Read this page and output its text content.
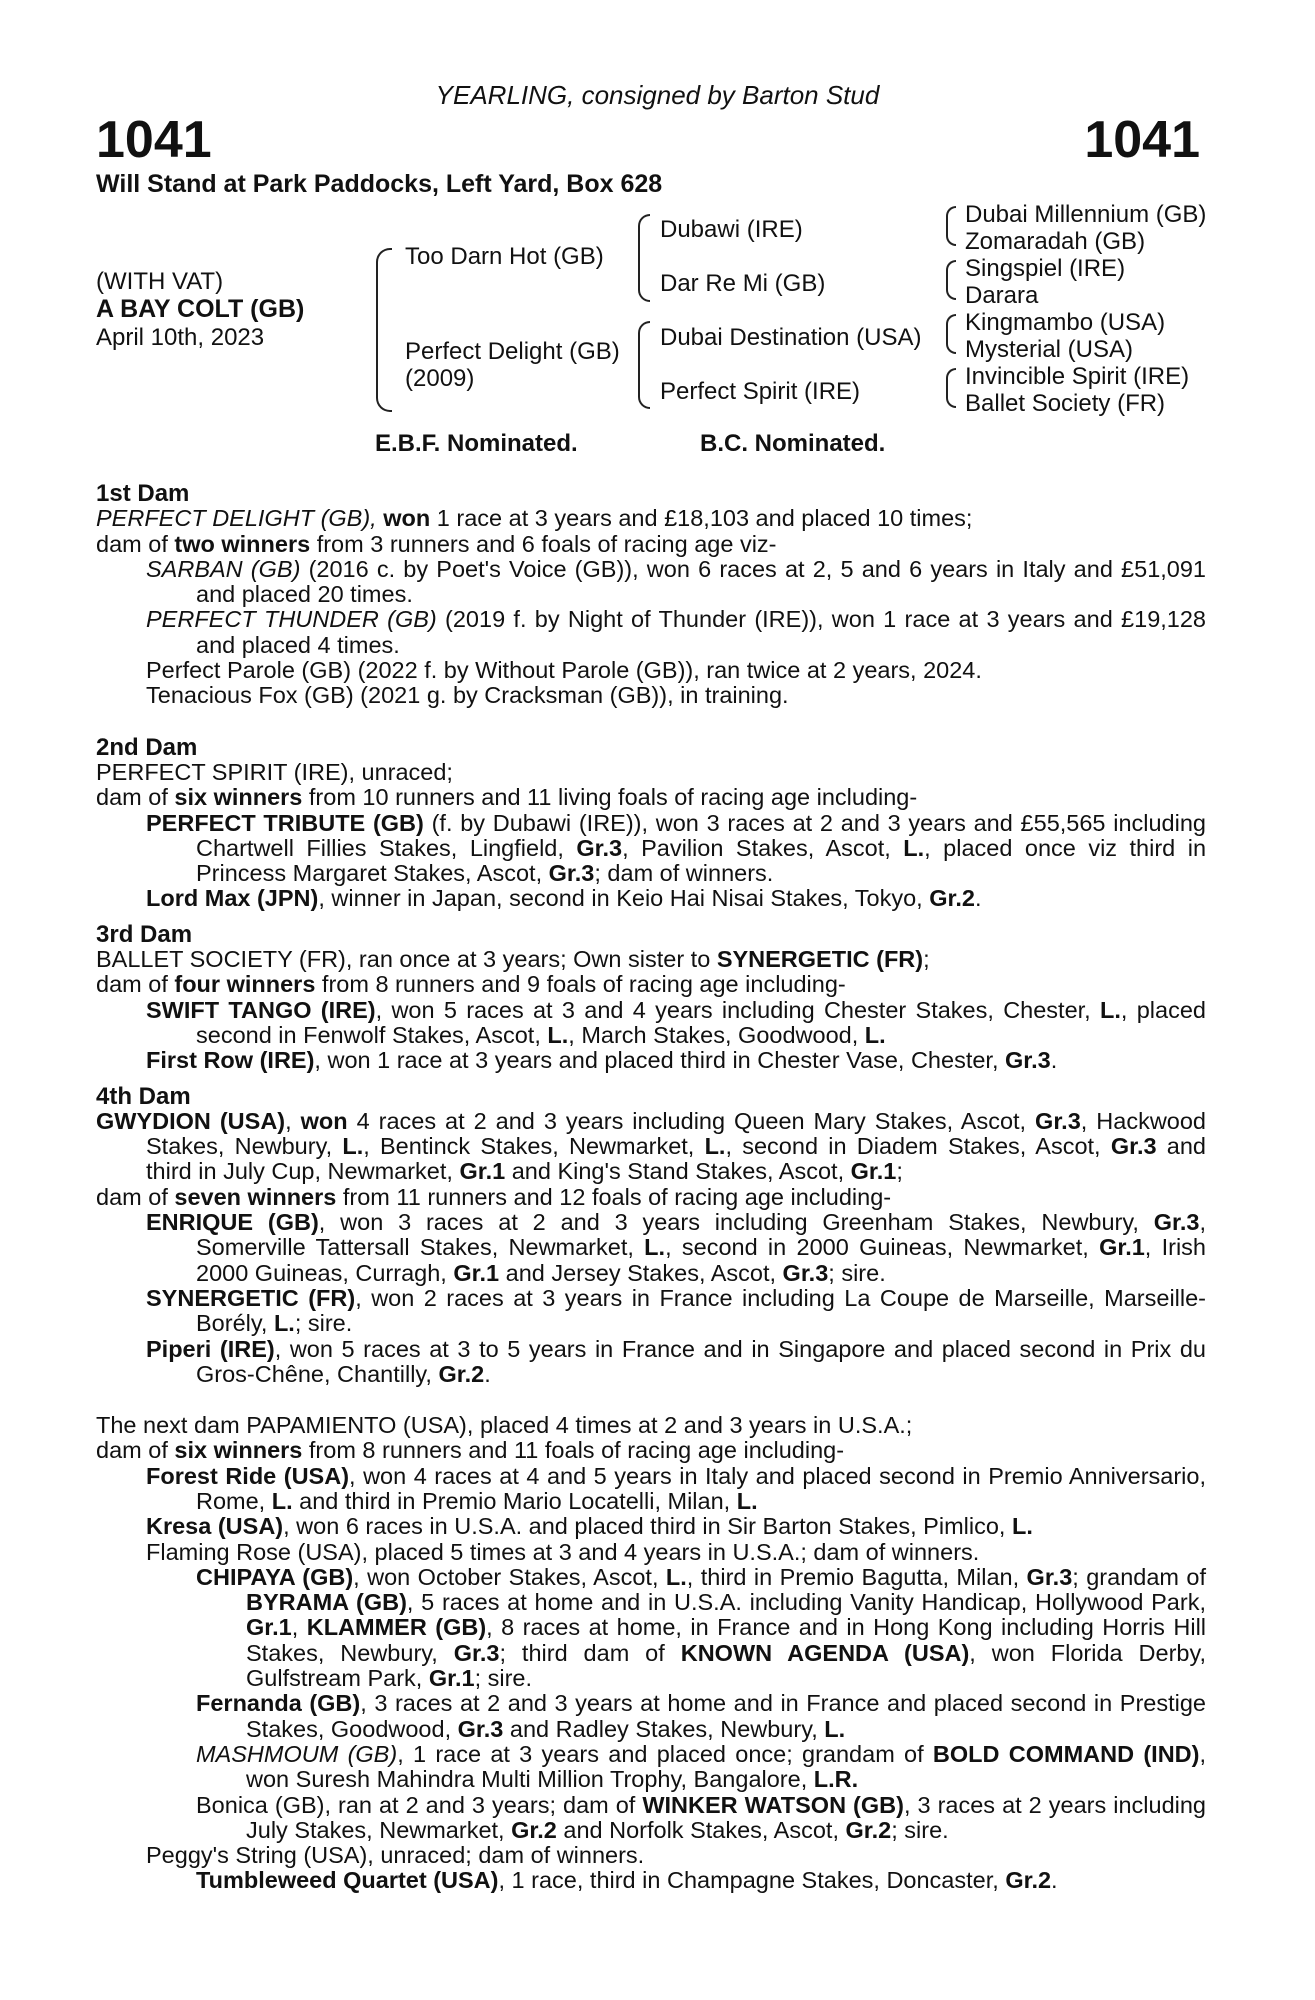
YEARLING, consigned by Barton Stud
1041	1041
Will Stand at Park Paddocks, Left Yard, Box 628
(WITH VAT)
A BAY COLT (GB)
April 10th, 2023
Too Darn Hot (GB)
Perfect Delight (GB)
(2009)
Dubawi (IRE)
Dar Re Mi (GB)
Dubai Destination (USA)
Perfect Spirit (IRE)
Dubai Millennium (GB)
Zomaradah (GB)
Singspiel (IRE)
Darara
Kingmambo (USA)
Mysterial (USA)
Invincible Spirit (IRE)
Ballet Society (FR)
E.B.F. Nominated.	B.C. Nominated.

1st Dam

PERFECT DELIGHT (GB), won 1 race at 3 years and £18,103 and placed 10 times;

dam of two winners from 3 runners and 6 foals of racing age viz-

SARBAN (GB) (2016 c. by Poet's Voice (GB)), won 6 races at 2, 5 and 6 years in Italy and £51,091 and placed 20 times.

PERFECT THUNDER (GB) (2019 f. by Night of Thunder (IRE)), won 1 race at 3 years and £19,128 and placed 4 times.

Perfect Parole (GB) (2022 f. by Without Parole (GB)), ran twice at 2 years, 2024.

Tenacious Fox (GB) (2021 g. by Cracksman (GB)), in training.

2nd Dam

PERFECT SPIRIT (IRE), unraced;

dam of six winners from 10 runners and 11 living foals of racing age including-

PERFECT TRIBUTE (GB) (f. by Dubawi (IRE)), won 3 races at 2 and 3 years and £55,565 including Chartwell Fillies Stakes, Lingfield, Gr.3, Pavilion Stakes, Ascot, L., placed once viz third in Princess Margaret Stakes, Ascot, Gr.3; dam of winners.

Lord Max (JPN), winner in Japan, second in Keio Hai Nisai Stakes, Tokyo, Gr.2.

3rd Dam

BALLET SOCIETY (FR), ran once at 3 years; Own sister to SYNERGETIC (FR);

dam of four winners from 8 runners and 9 foals of racing age including-

SWIFT TANGO (IRE), won 5 races at 3 and 4 years including Chester Stakes, Chester, L., placed second in Fenwolf Stakes, Ascot, L., March Stakes, Goodwood, L.

First Row (IRE), won 1 race at 3 years and placed third in Chester Vase, Chester, Gr.3.

4th Dam

GWYDION (USA), won 4 races at 2 and 3 years including Queen Mary Stakes, Ascot, Gr.3, Hackwood Stakes, Newbury, L., Bentinck Stakes, Newmarket, L., second in Diadem Stakes, Ascot, Gr.3 and third in July Cup, Newmarket, Gr.1 and King's Stand Stakes, Ascot, Gr.1;

dam of seven winners from 11 runners and 12 foals of racing age including-

ENRIQUE (GB), won 3 races at 2 and 3 years including Greenham Stakes, Newbury, Gr.3, Somerville Tattersall Stakes, Newmarket, L., second in 2000 Guineas, Newmarket, Gr.1, Irish 2000 Guineas, Curragh, Gr.1 and Jersey Stakes, Ascot, Gr.3; sire.

SYNERGETIC (FR), won 2 races at 3 years in France including La Coupe de Marseille, Marseille-Borély, L.; sire.

Piperi (IRE), won 5 races at 3 to 5 years in France and in Singapore and placed second in Prix du Gros-Chêne, Chantilly, Gr.2.

The next dam PAPAMIENTO (USA), placed 4 times at 2 and 3 years in U.S.A.;

dam of six winners from 8 runners and 11 foals of racing age including-

Forest Ride (USA), won 4 races at 4 and 5 years in Italy and placed second in Premio Anniversario, Rome, L. and third in Premio Mario Locatelli, Milan, L.

Kresa (USA), won 6 races in U.S.A. and placed third in Sir Barton Stakes, Pimlico, L.

Flaming Rose (USA), placed 5 times at 3 and 4 years in U.S.A.; dam of winners.

CHIPAYA (GB), won October Stakes, Ascot, L., third in Premio Bagutta, Milan, Gr.3; grandam of BYRAMA (GB), 5 races at home and in U.S.A. including Vanity Handicap, Hollywood Park, Gr.1, KLAMMER (GB), 8 races at home, in France and in Hong Kong including Horris Hill Stakes, Newbury, Gr.3; third dam of KNOWN AGENDA (USA), won Florida Derby, Gulfstream Park, Gr.1; sire.

Fernanda (GB), 3 races at 2 and 3 years at home and in France and placed second in Prestige Stakes, Goodwood, Gr.3 and Radley Stakes, Newbury, L.

MASHMOUM (GB), 1 race at 3 years and placed once; grandam of BOLD COMMAND (IND), won Suresh Mahindra Multi Million Trophy, Bangalore, L.R.

Bonica (GB), ran at 2 and 3 years; dam of WINKER WATSON (GB), 3 races at 2 years including July Stakes, Newmarket, Gr.2 and Norfolk Stakes, Ascot, Gr.2; sire.

Peggy's String (USA), unraced; dam of winners.

Tumbleweed Quartet (USA), 1 race, third in Champagne Stakes, Doncaster, Gr.2.
